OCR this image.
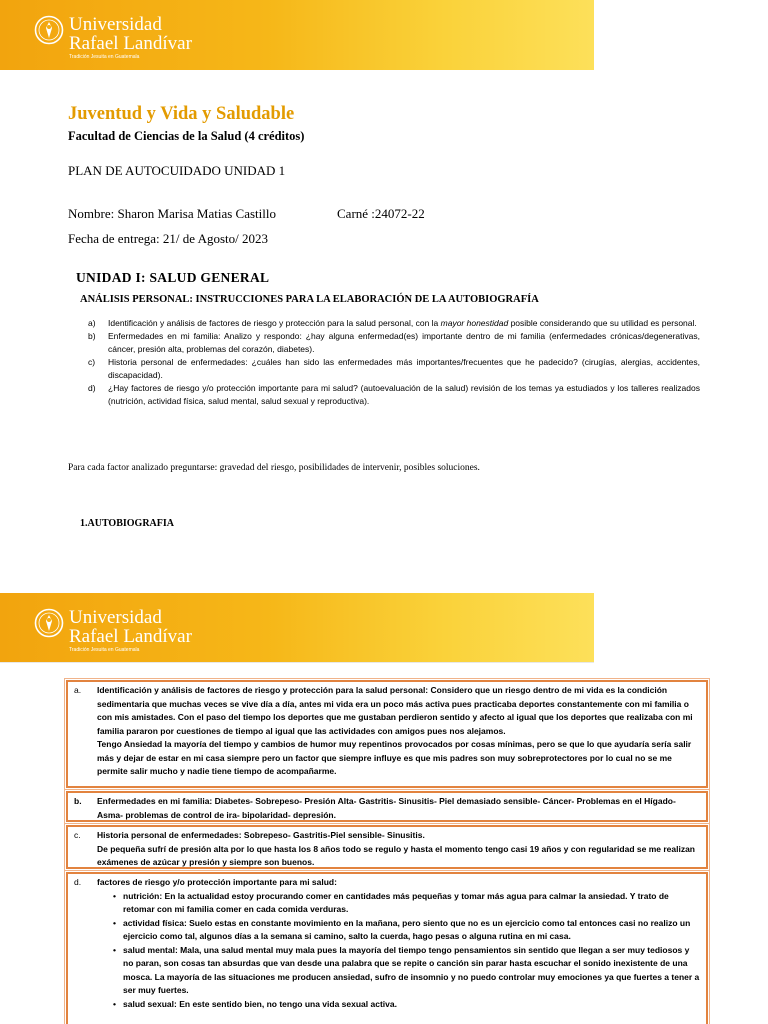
Universidad
Rafael Landívar
Tradición Jesuita en Guatemala
Juventud y Vida y Saludable
Facultad de Ciencias de la Salud (4 créditos)
PLAN DE AUTOCUIDADO UNIDAD 1
Nombre: Sharon Marisa Matias Castillo	Carné :24072-22
Fecha de entrega: 21/ de Agosto/ 2023
UNIDAD I: SALUD GENERAL
ANÁLISIS PERSONAL: INSTRUCCIONES PARA LA ELABORACIÓN DE LA AUTOBIOGRAFÍA
a)	Identificación y análisis de factores de riesgo y protección para la salud personal, con la mayor honestidad posible considerando que su utilidad es personal.
b)	Enfermedades en mi familia: Analizo y respondo: ¿hay alguna enfermedad(es) importante dentro de mi familia (enfermedades crónicas/degenerativas, cáncer, presión alta, problemas del corazón, diabetes).
c)	Historia personal de enfermedades: ¿cuáles han sido las enfermedades más importantes/frecuentes que he padecido? (cirugías, alergias, accidentes, discapacidad).
d)	¿Hay factores de riesgo y/o protección importante para mi salud? (autoevaluación de la salud) revisión de los temas ya estudiados y los talleres realizados (nutrición, actividad física, salud mental, salud sexual y reproductiva).
Para cada factor analizado preguntarse: gravedad del riesgo, posibilidades de intervenir, posibles soluciones.
1.AUTOBIOGRAFIA
Universidad
Rafael Landívar
Tradición Jesuita en Guatemala
a.	Identificación y análisis de factores de riesgo y protección para la salud personal: Considero que un riesgo dentro de mi vida es la condición sedimentaria que muchas veces se vive día a día, antes mi vida era un poco más activa pues practicaba deportes constantemente con mi familia o con mis amistades. Con el paso del tiempo los deportes que me gustaban perdieron sentido y afecto al igual que los deportes que realizaba con mi familia pararon por cuestiones de tiempo al igual que las actividades con amigos pues nos alejamos.
Tengo Ansiedad la mayoría del tiempo y cambios de humor muy repentinos provocados por cosas mínimas, pero se que lo que ayudaría sería salir más y dejar de estar en mi casa siempre pero un factor que siempre influye es que mis padres son muy sobreprotectores por lo cual no se me permite salir mucho y nadie tiene tiempo de acompañarme.
b.	Enfermedades en mi familia: Diabetes- Sobrepeso- Presión Alta- Gastritis- Sinusitis- Piel demasiado sensible- Cáncer- Problemas en el Hígado- Asma- problemas de control de ira- bipolaridad- depresión.
c.	Historia personal de enfermedades: Sobrepeso- Gastritis-Piel sensible- Sinusitis.
De pequeña sufrí de presión alta por lo que hasta los 8 años todo se regulo y hasta el momento tengo casi 19 años y con regularidad se me realizan exámenes de azúcar y presión y siempre son buenos.
d.	factores de riesgo y/o protección importante para mi salud:
• nutrición: En la actualidad estoy procurando comer en cantidades más pequeñas y tomar más agua para calmar la ansiedad. Y trato de retomar con mi familia comer en cada comida verduras.
• actividad física: Suelo estas en constante movimiento en la mañana, pero siento que no es un ejercicio como tal entonces casi no realizo un ejercicio como tal, algunos días a la semana si camino, salto la cuerda, hago pesas o alguna rutina en mi casa.
• salud mental: Mala, una salud mental muy mala pues la mayoría del tiempo tengo pensamientos sin sentido que llegan a ser muy tediosos y no paran, son cosas tan absurdas que van desde una palabra que se repite o canción sin parar hasta escuchar el sonido inexistente de una mosca. La mayoría de las situaciones me producen ansiedad, sufro de insomnio y no puedo controlar muy emociones ya que fuertes a tener a ser muy fuertes.
• salud sexual: En este sentido bien, no tengo una vida sexual activa.
